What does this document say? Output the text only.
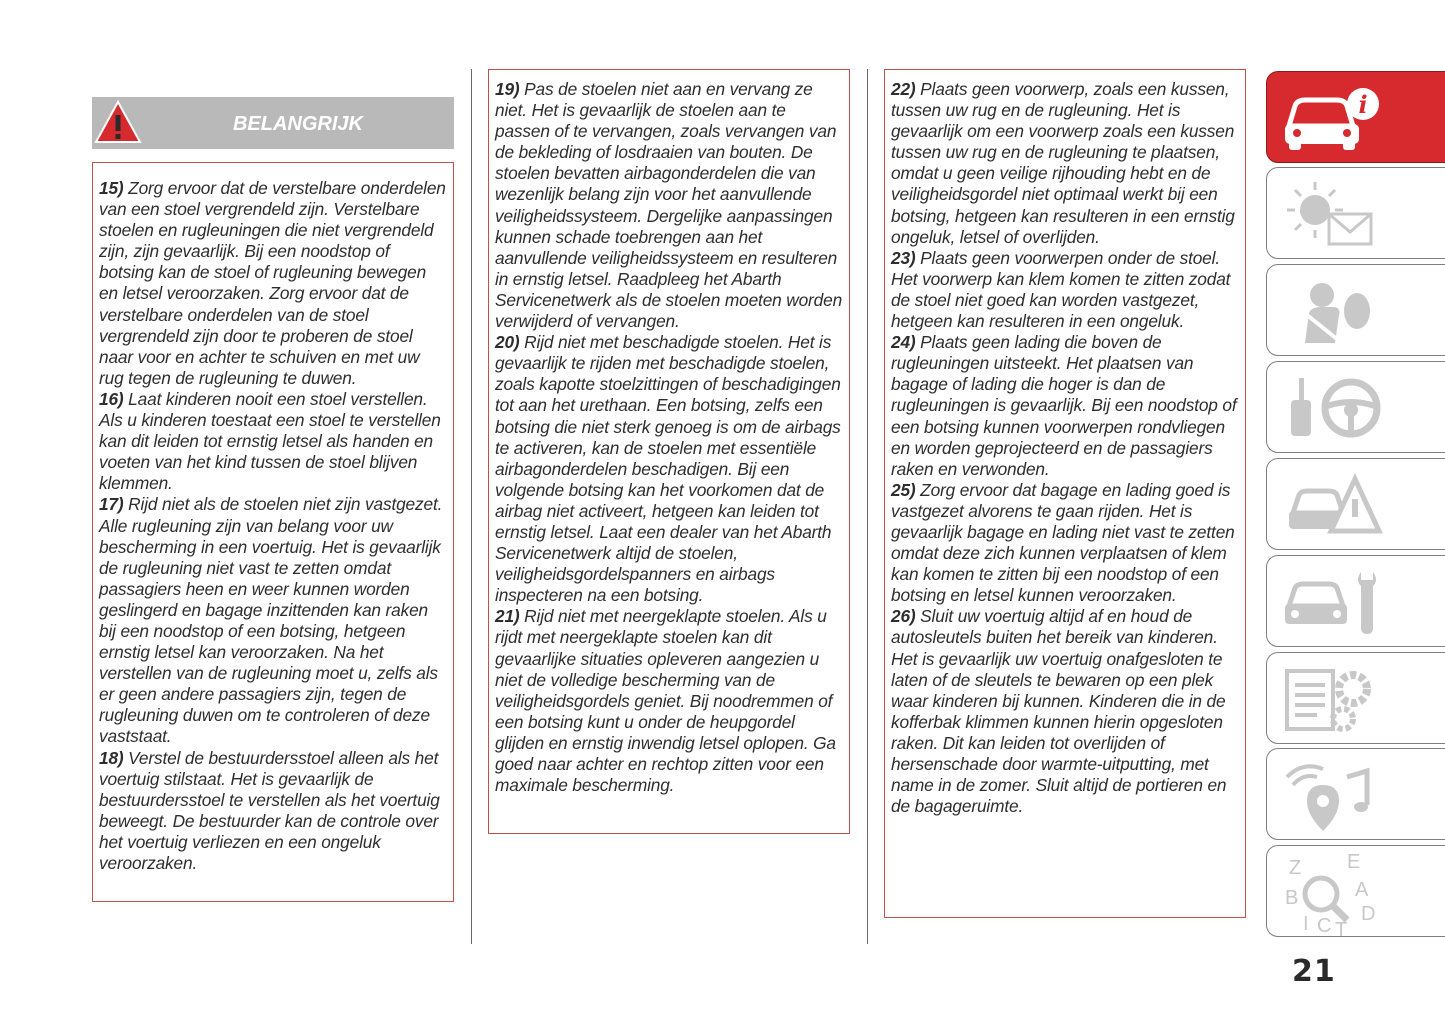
BELANGRIJK

15) Zorg ervoor dat de verstelbare onderdelen van een stoel vergrendeld zijn. Verstelbare stoelen en rugleuningen die niet vergrendeld zijn, zijn gevaarlijk. Bij een noodstop of botsing kan de stoel of rugleuning bewegen en letsel veroorzaken. Zorg ervoor dat de verstelbare onderdelen van de stoel vergrendeld zijn door te proberen de stoel naar voor en achter te schuiven en met uw rug tegen de rugleuning te duwen.

16) Laat kinderen nooit een stoel verstellen. Als u kinderen toestaat een stoel te verstellen kan dit leiden tot ernstig letsel als handen en voeten van het kind tussen de stoel blijven klemmen.

17) Rijd niet als de stoelen niet zijn vastgezet. Alle rugleuning zijn van belang voor uw bescherming in een voertuig. Het is gevaarlijk de rugleuning niet vast te zetten omdat passagiers heen en weer kunnen worden geslingerd en bagage inzittenden kan raken bij een noodstop of een botsing, hetgeen ernstig letsel kan veroorzaken. Na het verstellen van de rugleuning moet u, zelfs als er geen andere passagiers zijn, tegen de rugleuning duwen om te controleren of deze vaststaat.

18) Verstel de bestuurdersstoel alleen als het voertuig stilstaat. Het is gevaarlijk de bestuurdersstoel te verstellen als het voertuig beweegt. De bestuurder kan de controle over het voertuig verliezen en een ongeluk veroorzaken.

19) Pas de stoelen niet aan en vervang ze niet. Het is gevaarlijk de stoelen aan te passen of te vervangen, zoals vervangen van de bekleding of losdraaien van bouten. De stoelen bevatten airbagonderdelen die van wezenlijk belang zijn voor het aanvullende veiligheidssysteem. Dergelijke aanpassingen kunnen schade toebrengen aan het aanvullende veiligheidssysteem en resulteren in ernstig letsel. Raadpleeg het Abarth Servicenetwerk als de stoelen moeten worden verwijderd of vervangen.

20) Rijd niet met beschadigde stoelen. Het is gevaarlijk te rijden met beschadigde stoelen, zoals kapotte stoelzittingen of beschadigingen tot aan het urethaan. Een botsing, zelfs een botsing die niet sterk genoeg is om de airbags te activeren, kan de stoelen met essentiële airbagonderdelen beschadigen. Bij een volgende botsing kan het voorkomen dat de airbag niet activeert, hetgeen kan leiden tot ernstig letsel. Laat een dealer van het Abarth Servicenetwerk altijd de stoelen, veiligheidsgordelspanners en airbags inspecteren na een botsing.

21) Rijd niet met neergeklapte stoelen. Als u rijdt met neergeklapte stoelen kan dit gevaarlijke situaties opleveren aangezien u niet de volledige bescherming van de veiligheidsgordels geniet. Bij noodremmen of een botsing kunt u onder de heupgordel glijden en ernstig inwendig letsel oplopen. Ga goed naar achter en rechtop zitten voor een maximale bescherming.

22) Plaats geen voorwerp, zoals een kussen, tussen uw rug en de rugleuning. Het is gevaarlijk om een voorwerp zoals een kussen tussen uw rug en de rugleuning te plaatsen, omdat u geen veilige rijhouding hebt en de veiligheidsgordel niet optimaal werkt bij een botsing, hetgeen kan resulteren in een ernstig ongeluk, letsel of overlijden.

23) Plaats geen voorwerpen onder de stoel. Het voorwerp kan klem komen te zitten zodat de stoel niet goed kan worden vastgezet, hetgeen kan resulteren in een ongeluk.

24) Plaats geen lading die boven de rugleuningen uitsteekt. Het plaatsen van bagage of lading die hoger is dan de rugleuningen is gevaarlijk. Bij een noodstop of een botsing kunnen voorwerpen rondvliegen en worden geprojecteerd en de passagiers raken en verwonden.

25) Zorg ervoor dat bagage en lading goed is vastgezet alvorens te gaan rijden. Het is gevaarlijk bagage en lading niet vast te zetten omdat deze zich kunnen verplaatsen of klem kan komen te zitten bij een noodstop of een botsing en letsel kunnen veroorzaken.

26) Sluit uw voertuig altijd af en houd de autosleutels buiten het bereik van kinderen. Het is gevaarlijk uw voertuig onafgesloten te laten of de sleutels te bewaren op een plek waar kinderen bij kunnen. Kinderen die in de kofferbak klimmen kunnen hierin opgesloten raken. Dit kan leiden tot overlijden of hersenschade door warmte-uitputting, met name in de zomer. Sluit altijd de portieren en de bagageruimte.

i
Z E
A
B
D
C T
I
21
